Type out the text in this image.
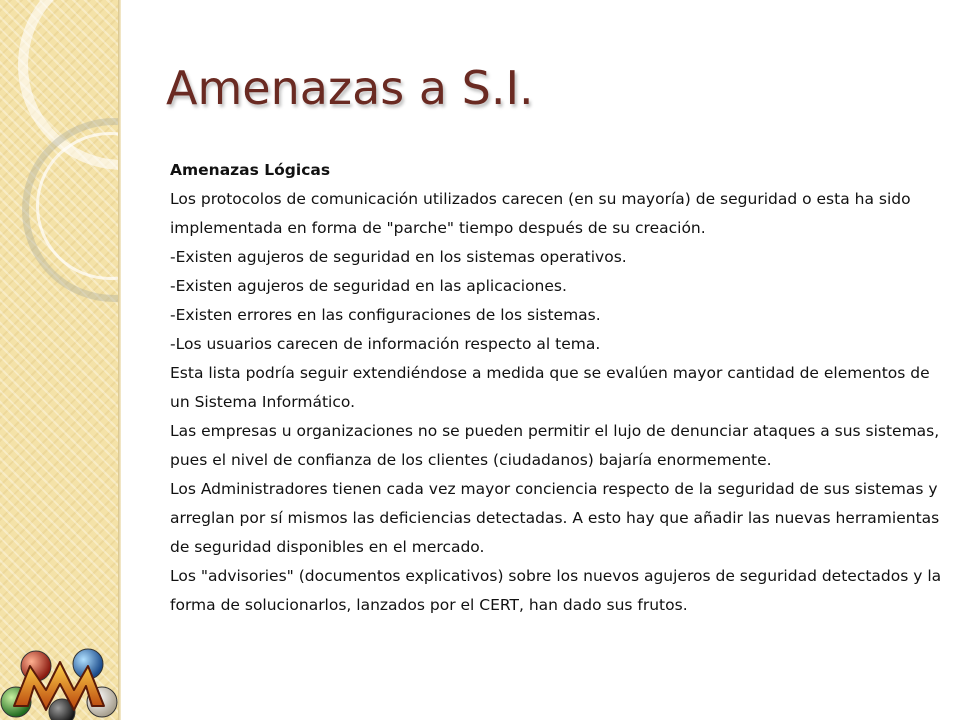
Amenazas a S.I.

Amenazas Lógicas

Los protocolos de comunicación utilizados carecen (en su mayoría) de seguridad o esta ha sido implementada en forma de "parche" tiempo después de su creación.

-Existen agujeros de seguridad en los sistemas operativos.

-Existen agujeros de seguridad en las aplicaciones.

-Existen errores en las configuraciones de los sistemas.

-Los usuarios carecen de información respecto al tema.

Esta lista podría seguir extendiéndose a medida que se evalúen mayor cantidad de elementos de un Sistema Informático.

Las empresas u organizaciones no se pueden permitir el lujo de denunciar ataques a sus sistemas, pues el nivel de confianza de los clientes (ciudadanos) bajaría enormemente.

Los Administradores tienen cada vez mayor conciencia respecto de la seguridad de sus sistemas y arreglan por sí mismos las deficiencias detectadas. A esto hay que añadir las nuevas herramientas de seguridad disponibles en el mercado.

Los "advisories" (documentos explicativos) sobre los nuevos agujeros de seguridad detectados y la forma de solucionarlos, lanzados por el CERT, han dado sus frutos.
